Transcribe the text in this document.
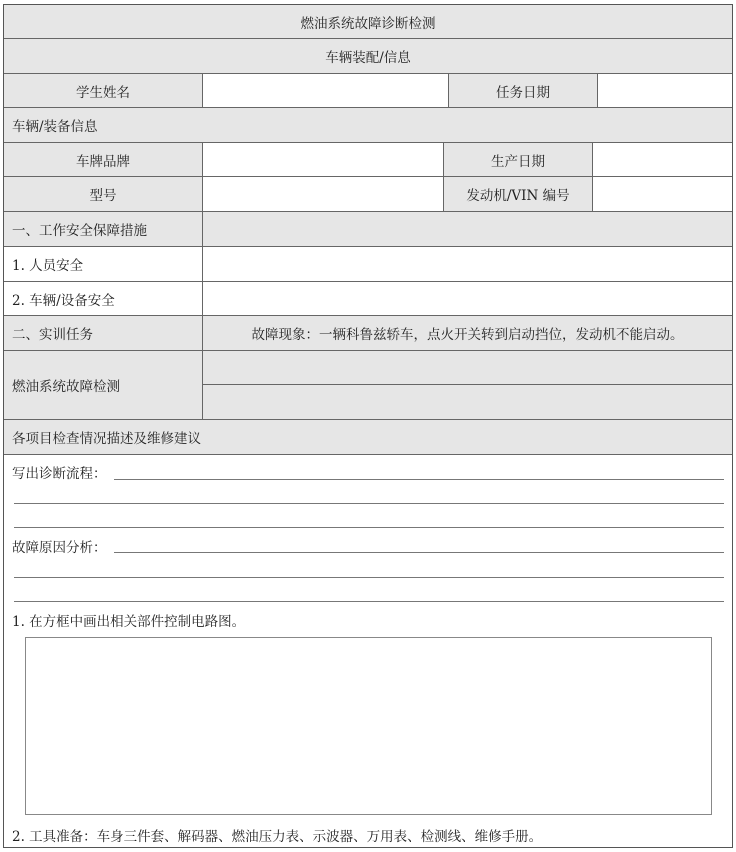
燃油系统故障诊断检测
车辆装配/信息
学生姓名	任务日期
车辆/装备信息
车牌品牌	生产日期
型号	发动机/VIN 编号
一、工作安全保障措施
1. 人员安全
2. 车辆/设备安全
二、实训任务	故障现象：一辆科鲁兹轿车，点火开关转到启动挡位，发动机不能启动。
燃油系统故障检测
各项目检查情况描述及维修建议
写出诊断流程：
故障原因分析：
1. 在方框中画出相关部件控制电路图。
2. 工具准备：车身三件套、解码器、燃油压力表、示波器、万用表、检测线、维修手册。
